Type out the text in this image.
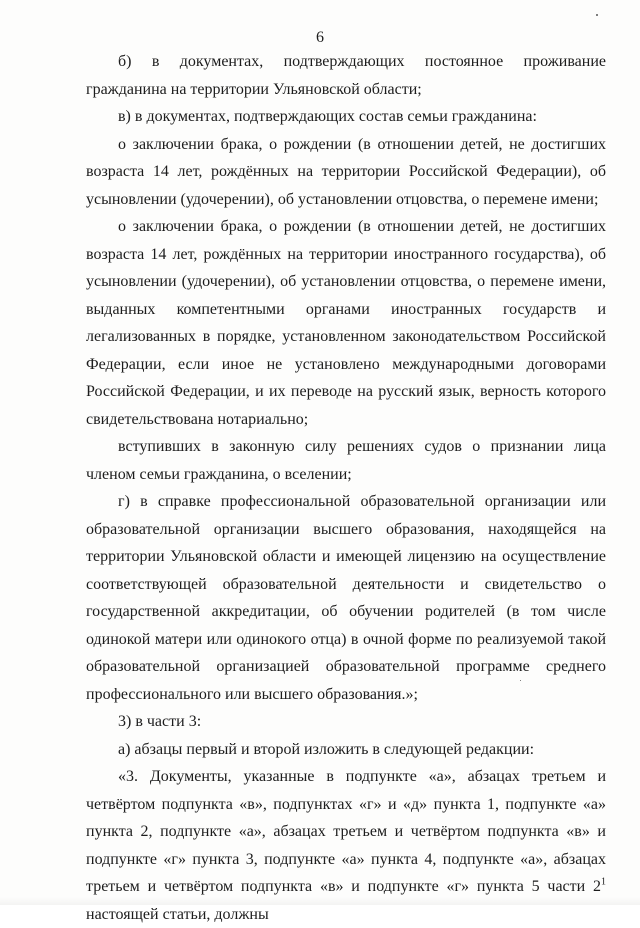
6

б) в документах, подтверждающих постоянное проживание гражданина на территории Ульяновской области;

в) в документах, подтверждающих состав семьи гражданина:

о заключении брака, о рождении (в отношении детей, не достигших возраста 14 лет, рождённых на территории Российской Федерации), об усыновлении (удочерении), об установлении отцовства, о перемене имени;

о заключении брака, о рождении (в отношении детей, не достигших возраста 14 лет, рождённых на территории иностранного государства), об усыновлении (удочерении), об установлении отцовства, о перемене имени, выданных компетентными органами иностранных государств и легализованных в порядке, установленном законодательством Российской Федерации, если иное не установлено международными договорами Российской Федерации, и их переводе на русский язык, верность которого свидетельствована нотариально;

вступивших в законную силу решениях судов о признании лица членом семьи гражданина, о вселении;

г) в справке профессиональной образовательной организации или образовательной организации высшего образования, находящейся на территории Ульяновской области и имеющей лицензию на осуществление соответствующей образовательной деятельности и свидетельство о государственной аккредитации, об обучении родителей (в том числе одинокой матери или одинокого отца) в очной форме по реализуемой такой образовательной организацией образовательной программе среднего профессионального или высшего образования.»;

3) в части 3:

а) абзацы первый и второй изложить в следующей редакции:

«3. Документы, указанные в подпункте «а», абзацах третьем и четвёртом подпункта «в», подпунктах «г» и «д» пункта 1, подпункте «а» пункта 2, подпункте «а», абзацах третьем и четвёртом подпункта «в» и подпункте «г» пункта 3, подпункте «а» пункта 4, подпункте «а», абзацах третьем и четвёртом подпункта «в» и подпункте «г» пункта 5 части $2^1$ настоящей статьи, должны
